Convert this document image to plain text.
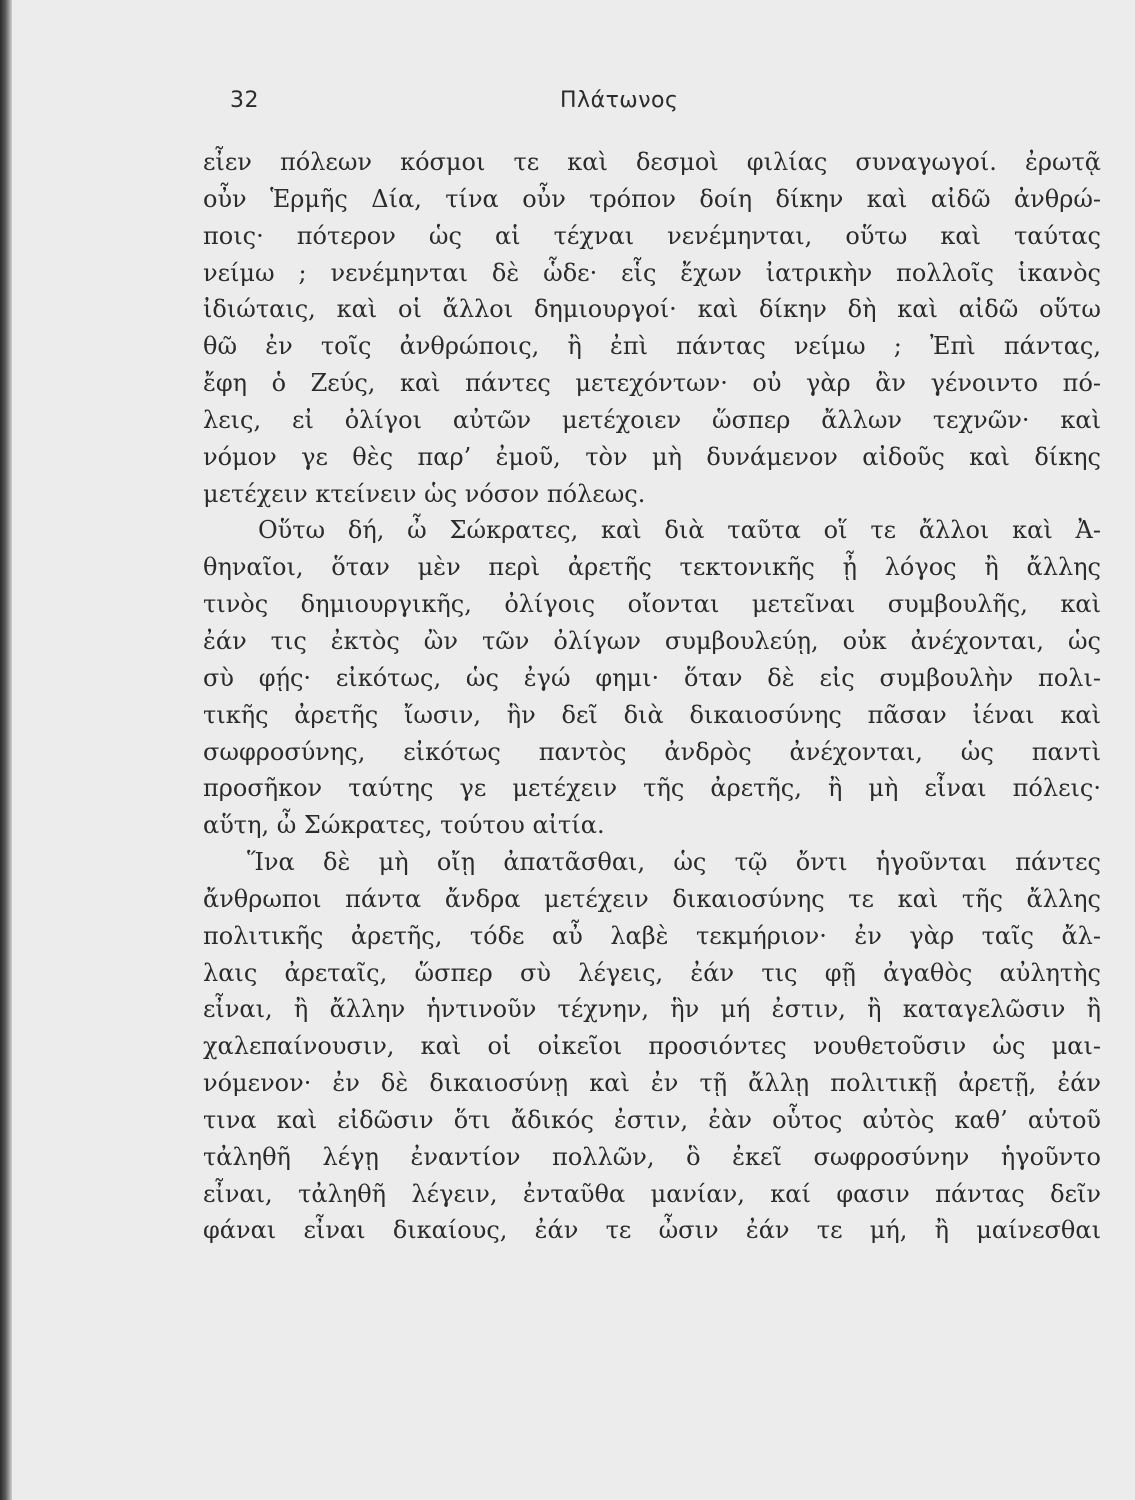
32	Πλάτωνος
εἶεν πόλεων κόσμοι τε καὶ δεσμοὶ φιλίας συναγωγοί. ἐρωτᾷ
οὖν Ἑρμῆς Δία, τίνα οὖν τρόπον δοίη δίκην καὶ αἰδῶ ἀνθρώ-
ποις· πότερον ὡς αἱ τέχναι νενέμηνται, οὕτω καὶ ταύτας
νείμω ; νενέμηνται δὲ ὧδε· εἷς ἔχων ἰατρικὴν πολλοῖς ἱκανὸς
ἰδιώταις, καὶ οἱ ἄλλοι δημιουργοί· καὶ δίκην δὴ καὶ αἰδῶ οὕτω
θῶ ἐν τοῖς ἀνθρώποις, ἢ ἐπὶ πάντας νείμω ; Ἐπὶ πάντας,
ἔφη ὁ Ζεύς, καὶ πάντες μετεχόντων· οὐ γὰρ ἂν γένοιντο πό-
λεις, εἰ ὀλίγοι αὐτῶν μετέχοιεν ὥσπερ ἄλλων τεχνῶν· καὶ
νόμον γε θὲς παρ’ ἐμοῦ, τὸν μὴ δυνάμενον αἰδοῦς καὶ δίκης
μετέχειν κτείνειν ὡς νόσον πόλεως.
Οὕτω δή, ὦ Σώκρατες, καὶ διὰ ταῦτα οἵ τε ἄλλοι καὶ Ἀ-
θηναῖοι, ὅταν μὲν περὶ ἀρετῆς τεκτονικῆς ᾖ λόγος ἢ ἄλλης
τινὸς δημιουργικῆς, ὀλίγοις οἴονται μετεῖναι συμβουλῆς, καὶ
ἐάν τις ἐκτὸς ὢν τῶν ὀλίγων συμβουλεύῃ, οὐκ ἀνέχονται, ὡς
σὺ φῄς· εἰκότως, ὡς ἐγώ φημι· ὅταν δὲ εἰς συμβουλὴν πολι-
τικῆς ἀρετῆς ἴωσιν, ἣν δεῖ διὰ δικαιοσύνης πᾶσαν ἰέναι καὶ
σωφροσύνης, εἰκότως παντὸς ἀνδρὸς ἀνέχονται, ὡς παντὶ
προσῆκον ταύτης γε μετέχειν τῆς ἀρετῆς, ἢ μὴ εἶναι πόλεις·
αὕτη, ὦ Σώκρατες, τούτου αἰτία.
Ἵνα δὲ μὴ οἴῃ ἀπατᾶσθαι, ὡς τῷ ὄντι ἡγοῦνται πάντες
ἄνθρωποι πάντα ἄνδρα μετέχειν δικαιοσύνης τε καὶ τῆς ἄλλης
πολιτικῆς ἀρετῆς, τόδε αὖ λαβὲ τεκμήριον· ἐν γὰρ ταῖς ἄλ-
λαις ἀρεταῖς, ὥσπερ σὺ λέγεις, ἐάν τις φῇ ἀγαθὸς αὐλητὴς
εἶναι, ἢ ἄλλην ἡντινοῦν τέχνην, ἣν μή ἐστιν, ἢ καταγελῶσιν ἢ
χαλεπαίνουσιν, καὶ οἱ οἰκεῖοι προσιόντες νουθετοῦσιν ὡς μαι-
νόμενον· ἐν δὲ δικαιοσύνῃ καὶ ἐν τῇ ἄλλῃ πολιτικῇ ἀρετῇ, ἐάν
τινα καὶ εἰδῶσιν ὅτι ἄδικός ἐστιν, ἐὰν οὗτος αὐτὸς καθ’ αὑτοῦ
τἀληθῆ λέγῃ ἐναντίον πολλῶν, ὃ ἐκεῖ σωφροσύνην ἡγοῦντο
εἶναι, τἀληθῆ λέγειν, ἐνταῦθα μανίαν, καί φασιν πάντας δεῖν
φάναι εἶναι δικαίους, ἐάν τε ὦσιν ἐάν τε μή, ἢ μαίνεσθαι
